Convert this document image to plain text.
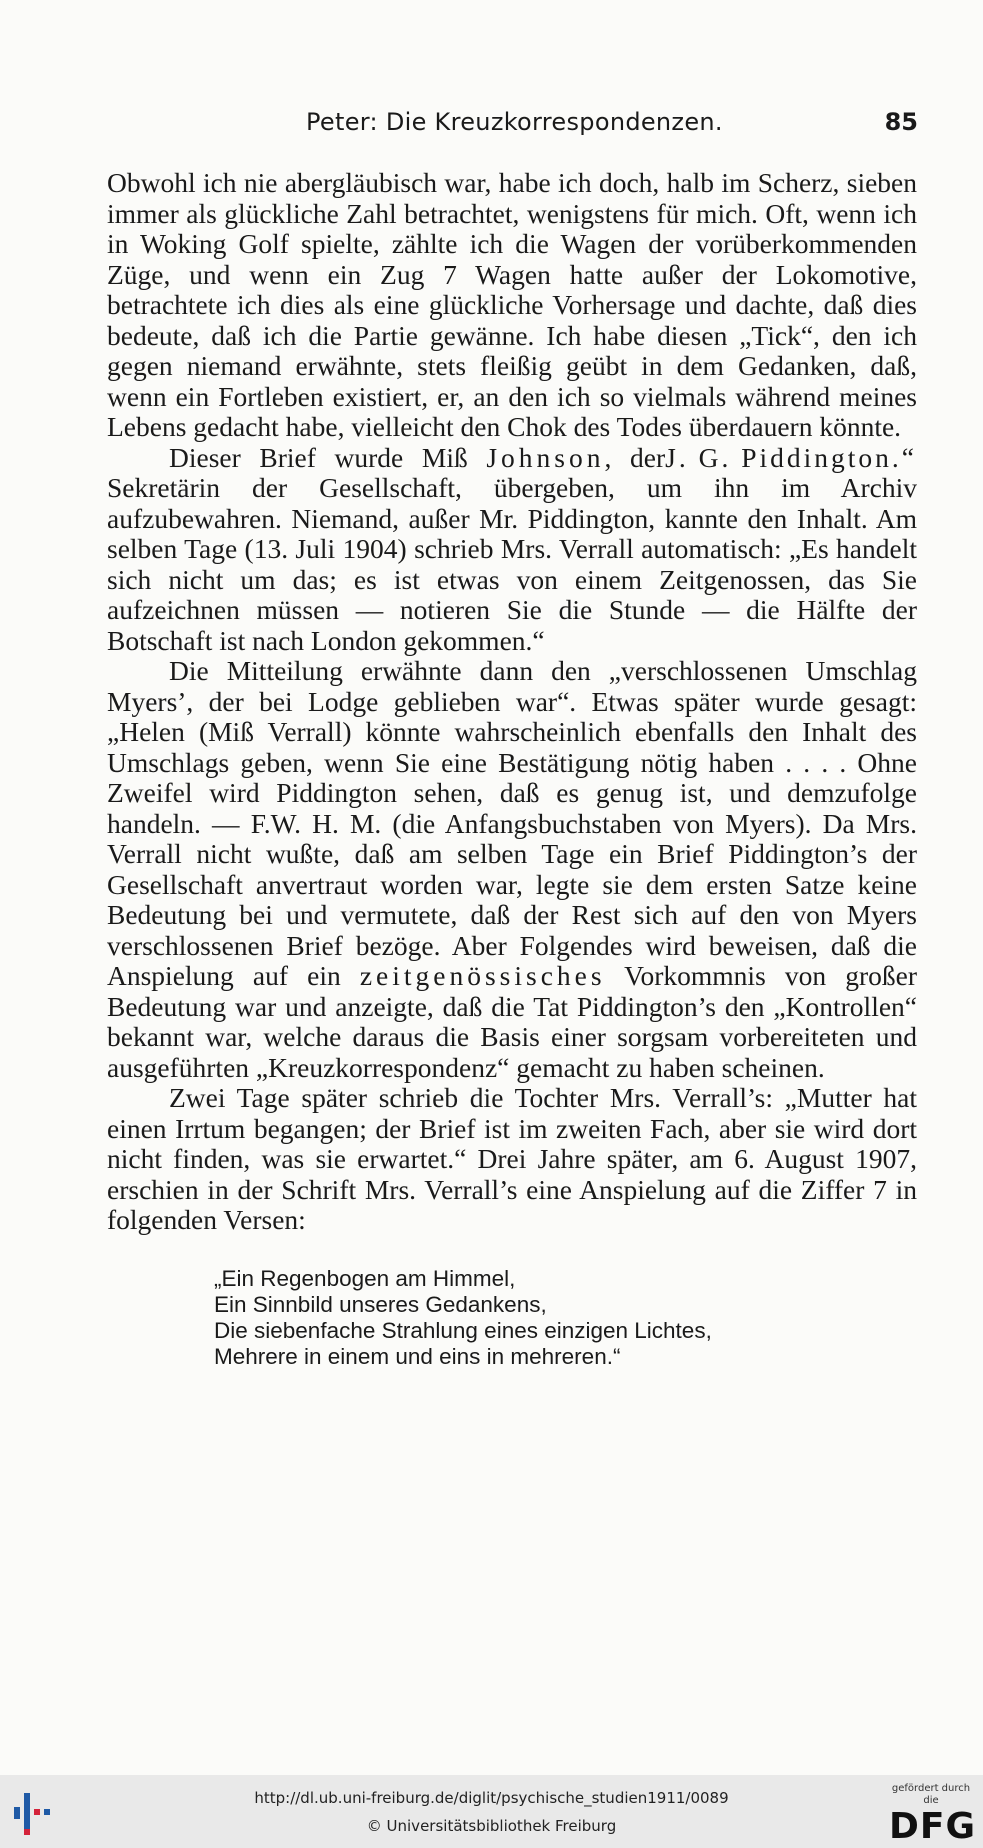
Peter: Die Kreuzkorrespondenzen.	85

Obwohl ich nie abergläubisch war, habe ich doch, halb im Scherz, sieben immer als glückliche Zahl betrachtet, wenigstens für mich. Oft, wenn ich in Woking Golf spielte, zählte ich die Wagen der vorüberkommenden Züge, und wenn ein Zug 7 Wagen hatte außer der Lokomotive, betrachtete ich dies als eine glückliche Vorhersage und dachte, daß dies bedeute, daß ich die Partie gewänne. Ich habe diesen „Tick“, den ich gegen niemand erwähnte, stets fleißig geübt in dem Gedanken, daß, wenn ein Fortleben existiert, er, an den ich so vielmals während meines Lebens gedacht habe, vielleicht den Chok des Todes überdauern könnte.
J. G. Piddington.“

Dieser Brief wurde Miß Johnson, der Sekretärin der Gesellschaft, übergeben, um ihn im Archiv aufzubewahren. Niemand, außer Mr. Piddington, kannte den Inhalt. Am selben Tage (13. Juli 1904) schrieb Mrs. Verrall automatisch: „Es handelt sich nicht um das; es ist etwas von einem Zeitgenossen, das Sie aufzeichnen müssen — notieren Sie die Stunde — die Hälfte der Botschaft ist nach London gekommen.“

Die Mitteilung erwähnte dann den „verschlossenen Umschlag Myers’, der bei Lodge geblieben war“. Etwas später wurde gesagt: „Helen (Miß Verrall) könnte wahrscheinlich ebenfalls den Inhalt des Umschlags geben, wenn Sie eine Bestätigung nötig haben . . . . Ohne Zweifel wird Piddington sehen, daß es genug ist, und demzufolge handeln. — F.W. H. M. (die Anfangsbuchstaben von Myers). Da Mrs. Verrall nicht wußte, daß am selben Tage ein Brief Piddington’s der Gesellschaft anvertraut worden war, legte sie dem ersten Satze keine Bedeutung bei und vermutete, daß der Rest sich auf den von Myers verschlossenen Brief bezöge. Aber Folgendes wird beweisen, daß die Anspielung auf ein zeitgenössisches Vorkommnis von großer Bedeutung war und anzeigte, daß die Tat Piddington’s den „Kontrollen“ bekannt war, welche daraus die Basis einer sorgsam vorbereiteten und ausgeführten „Kreuzkorrespondenz“ gemacht zu haben scheinen.

Zwei Tage später schrieb die Tochter Mrs. Verrall’s: „Mutter hat einen Irrtum begangen; der Brief ist im zweiten Fach, aber sie wird dort nicht finden, was sie erwartet.“ Drei Jahre später, am 6. August 1907, erschien in der Schrift Mrs. Verrall’s eine Anspielung auf die Ziffer 7 in folgenden Versen:

„Ein Regenbogen am Himmel,
Ein Sinnbild unseres Gedankens,
Die siebenfache Strahlung eines einzigen Lichtes,
Mehrere in einem und eins in mehreren.“
http://dl.ub.uni-freiburg.de/diglit/psychische_studien1911/0089
© Universitätsbibliothek Freiburg
gefördert durch die
DFG
